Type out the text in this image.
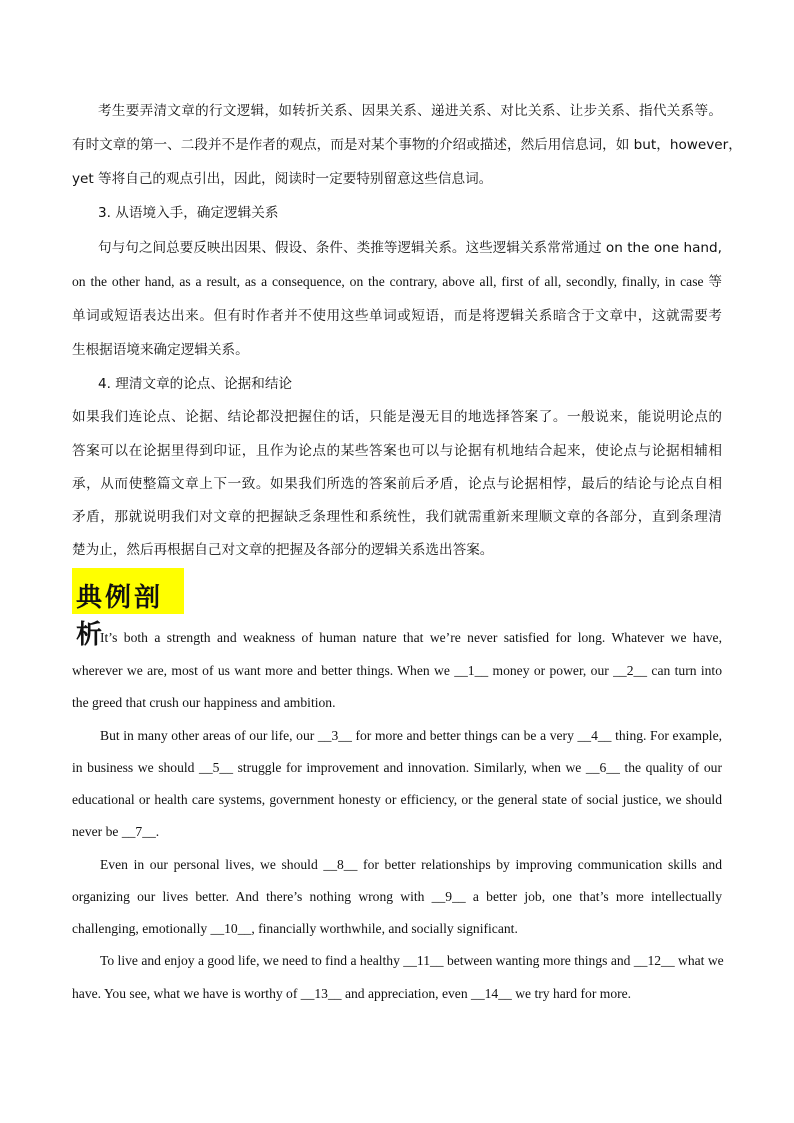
考生要弄清文章的行文逻辑，如转折关系、因果关系、递进关系、对比关系、让步关系、指代关系等。
有时文章的第一、二段并不是作者的观点，而是对某个事物的介绍或描述，然后用信息词，如 but，however，
yet 等将自己的观点引出，因此，阅读时一定要特别留意这些信息词。
3. 从语境入手，确定逻辑关系
句与句之间总要反映出因果、假设、条件、类推等逻辑关系。这些逻辑关系常常通过 on the one hand,
on the other hand, as a result, as a consequence, on the contrary, above all, first of all, secondly, finally, in case 等
单词或短语表达出来。但有时作者并不使用这些单词或短语，而是将逻辑关系暗含于文章中，这就需要考
生根据语境来确定逻辑关系。
4. 理清文章的论点、论据和结论
如果我们连论点、论据、结论都没把握住的话，只能是漫无目的地选择答案了。一般说来，能说明论点的
答案可以在论据里得到印证，且作为论点的某些答案也可以与论据有机地结合起来，使论点与论据相辅相
承，从而使整篇文章上下一致。如果我们所选的答案前后矛盾，论点与论据相悖，最后的结论与论点自相
矛盾，那就说明我们对文章的把握缺乏条理性和系统性，我们就需重新来理顺文章的各部分，直到条理清
楚为止，然后再根据自己对文章的把握及各部分的逻辑关系选出答案。
典例剖析
It’s both a strength and weakness of human nature that we’re never satisfied for long. Whatever we have,
wherever we are, most of us want more and better things. When we __1__ money or power, our __2__ can turn into
the greed that crush our happiness and ambition.
But in many other areas of our life, our __3__ for more and better things can be a very __4__ thing. For example,
in business we should __5__ struggle for improvement and innovation. Similarly, when we __6__ the quality of our
educational or health care systems, government honesty or efficiency, or the general state of social justice, we should
never be __7__.
Even in our personal lives, we should __8__ for better relationships by improving communication skills and
organizing our lives better. And there’s nothing wrong with __9__ a better job, one that’s more intellectually
challenging, emotionally __10__, financially worthwhile, and socially significant.
To live and enjoy a good life, we need to find a healthy __11__ between wanting more things and __12__ what we
have. You see, what we have is worthy of __13__ and appreciation, even __14__ we try hard for more.
